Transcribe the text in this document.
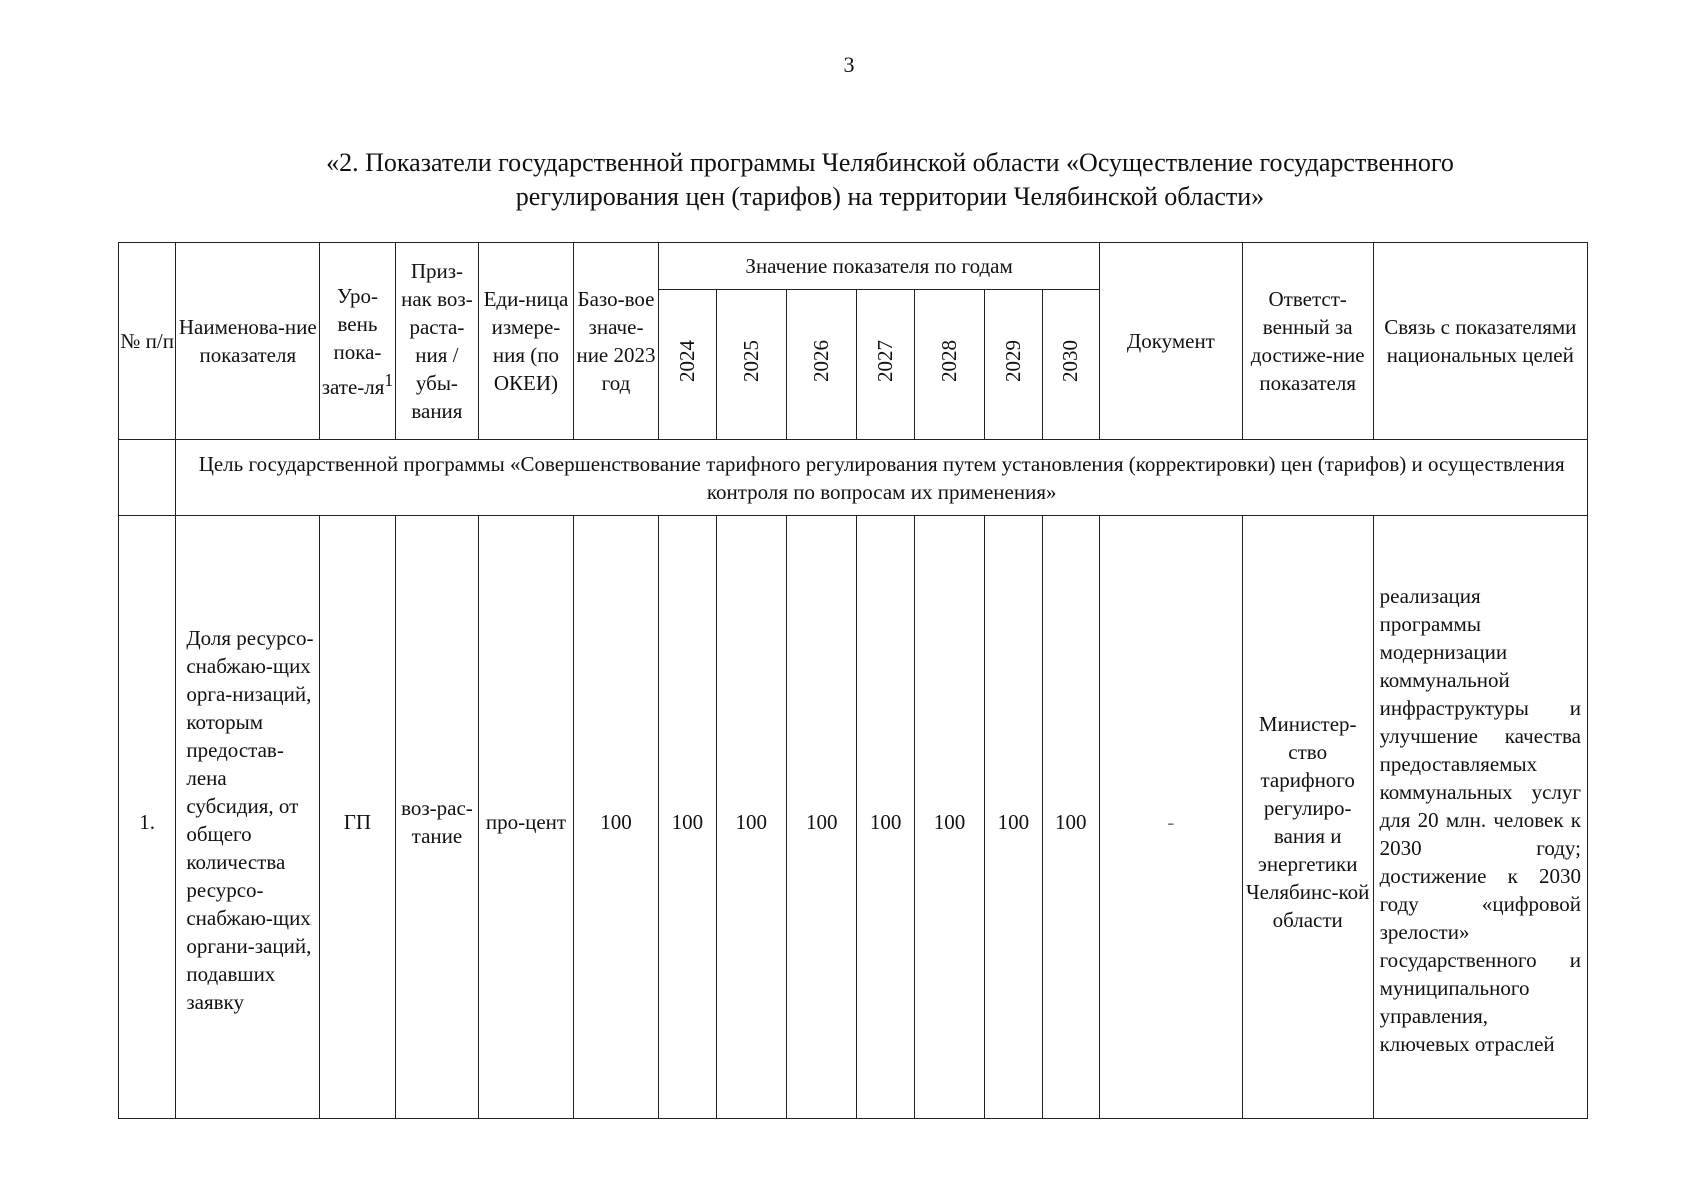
3
«2. Показатели государственной программы Челябинской области «Осуществление государственного
регулирования цен (тарифов) на территории Челябинской области»
№ п/п	Наименова-ние показателя	Уро-вень пока-$зате-ля^1$	Приз-нак воз-раста-ния / убы-вания	Еди-ница измере-ния (по ОКЕИ)	Базо-вое значе-ние 2023 год	Значение показателя по годам							Документ	Ответст-венный за достиже-ние показателя	Связь с показателями национальных целей
						2024	2025	2026	2027	2028	2029	2030			
	Цель государственной программы «Совершенствование тарифного регулирования путем установления (корректировки) цен (тарифов) и осуществления контроля по вопросам их применения»														
1.	Доля ресурсо-снабжаю-щих орга-низаций, которым предостав-лена субсидия, от общего количества ресурсо-снабжаю-щих органи-заций, подавших заявку	ГП	воз-рас-тание	про-цент	100	100	100	100	100	100	100	100	-	Министер-ство тарифного регулиро-вания и энергетики Челябинс-кой области	реализация программы модернизации коммунальной инфраструктуры и улучшение качества предоставляемых коммунальных услуг для 20 млн. человек к 2030 году; достижение к 2030 году «цифровой зрелости» государственного и муниципального управления, ключевых отраслей
